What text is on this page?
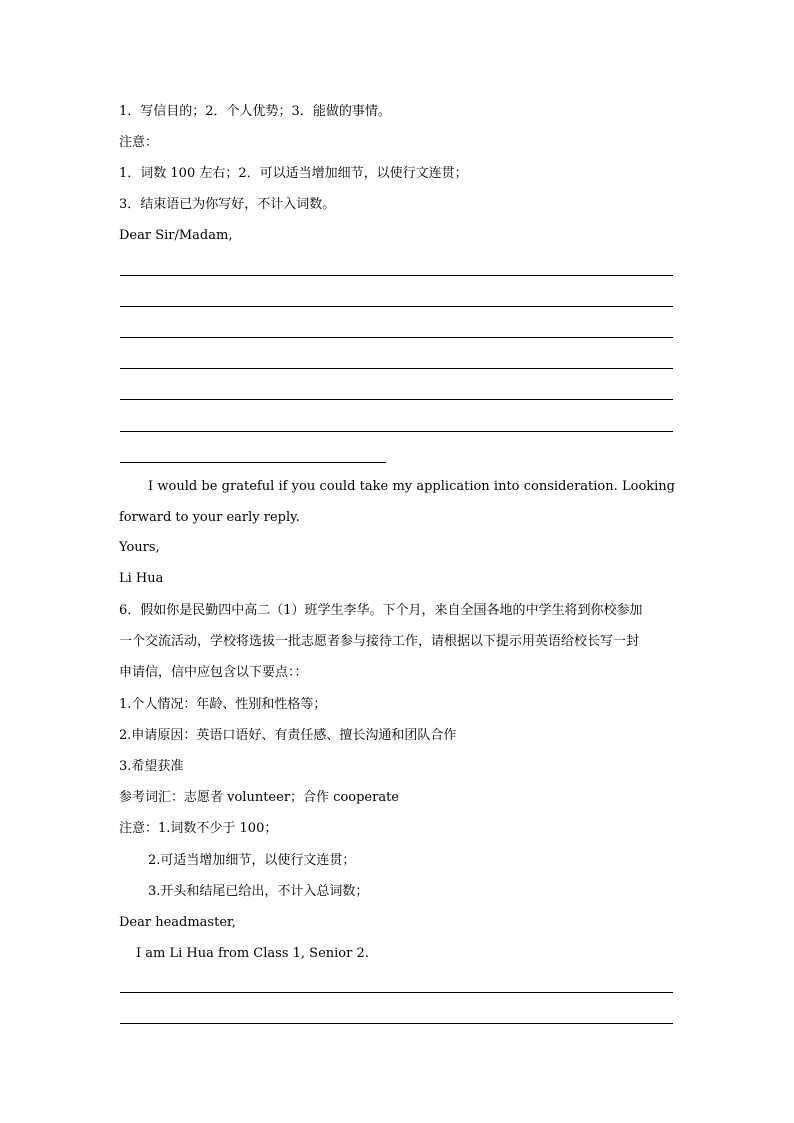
1．写信目的；2．个人优势；3．能做的事情。
注意：
1．词数 100 左右；2．可以适当增加细节，以使行文连贯；
3．结束语已为你写好，不计入词数。
Dear Sir/Madam,
I would be grateful if you could take my application into consideration. Looking forward to your early reply.
Yours,
Li Hua
6．假如你是民勤四中高二（1）班学生李华。下个月，来自全国各地的中学生将到你校参加
一个交流活动，学校将选拔一批志愿者参与接待工作，请根据以下提示用英语给校长写一封
申请信，信中应包含以下要点：：
1.个人情况：年龄、性别和性格等；
2.申请原因：英语口语好、有责任感、擅长沟通和团队合作
3.希望获准
参考词汇：志愿者 volunteer；合作 cooperate
注意：1.词数不少于 100；
2.可适当增加细节，以使行文连贯；
3.开头和结尾已给出，不计入总词数；
Dear headmaster,
I am Li Hua from Class 1, Senior 2.
